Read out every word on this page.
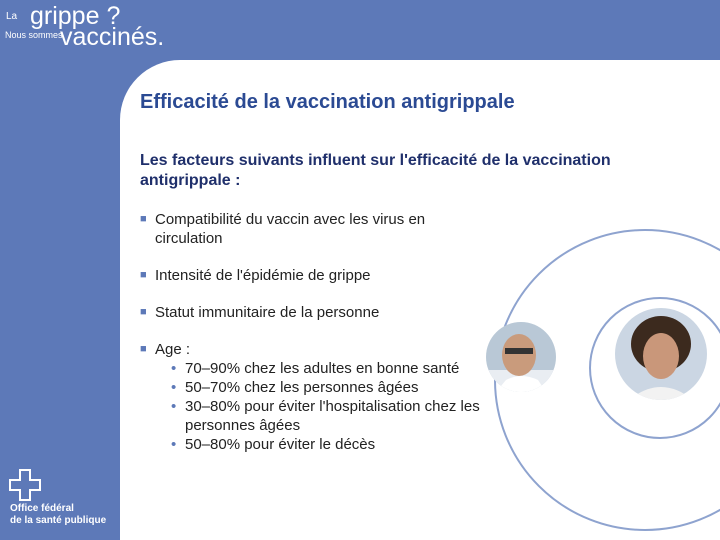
La grippe ?
Nous sommes
vaccinés.
Efficacité de la vaccination antigrippale
Les facteurs suivants influent sur l'efficacité de la vaccination antigrippale :
■ Compatibilité du vaccin avec les virus en circulation
■ Intensité de l'épidémie de grippe
■ Statut immunitaire de la personne
■ Age :
• 70–90% chez les adultes en bonne santé
• 50–70% chez les personnes âgées
• 30–80% pour éviter l'hospitalisation chez les personnes âgées
• 50–80% pour éviter le décès
Office fédéral
de la santé publique
